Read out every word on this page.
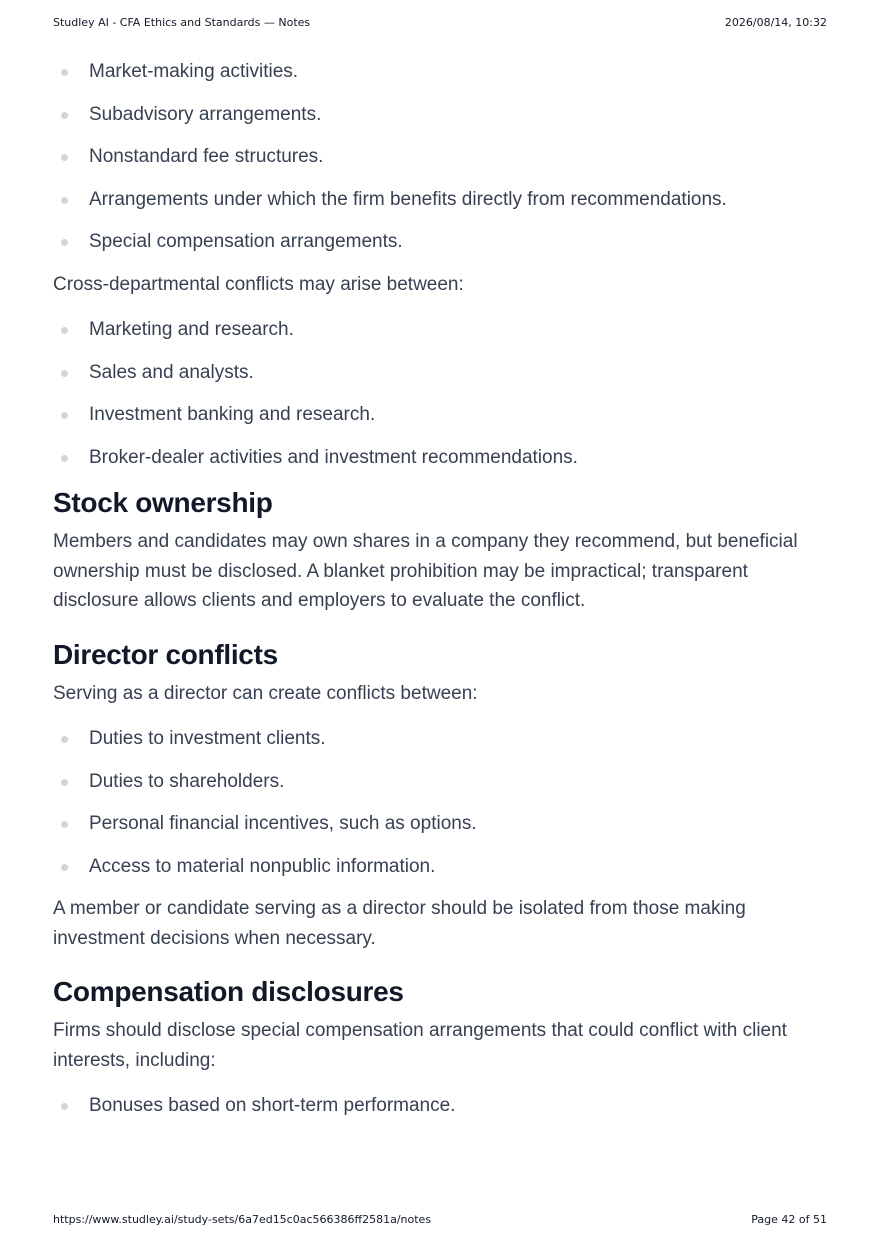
Studley AI - CFA Ethics and Standards — Notes	2026/08/14, 10:32
Market-making activities.
Subadvisory arrangements.
Nonstandard fee structures.
Arrangements under which the firm benefits directly from recommendations.
Special compensation arrangements.

Cross-departmental conflicts may arise between:

Marketing and research.
Sales and analysts.
Investment banking and research.
Broker-dealer activities and investment recommendations.
Stock ownership

Members and candidates may own shares in a company they recommend, but beneficial ownership must be disclosed. A blanket prohibition may be impractical; transparent disclosure allows clients and employers to evaluate the conflict.

Director conflicts

Serving as a director can create conflicts between:

Duties to investment clients.
Duties to shareholders.
Personal financial incentives, such as options.
Access to material nonpublic information.

A member or candidate serving as a director should be isolated from those making investment decisions when necessary.

Compensation disclosures

Firms should disclose special compensation arrangements that could conflict with client interests, including:

Bonuses based on short-term performance.
https://www.studley.ai/study-sets/6a7ed15c0ac566386ff2581a/notes	Page 42 of 51
